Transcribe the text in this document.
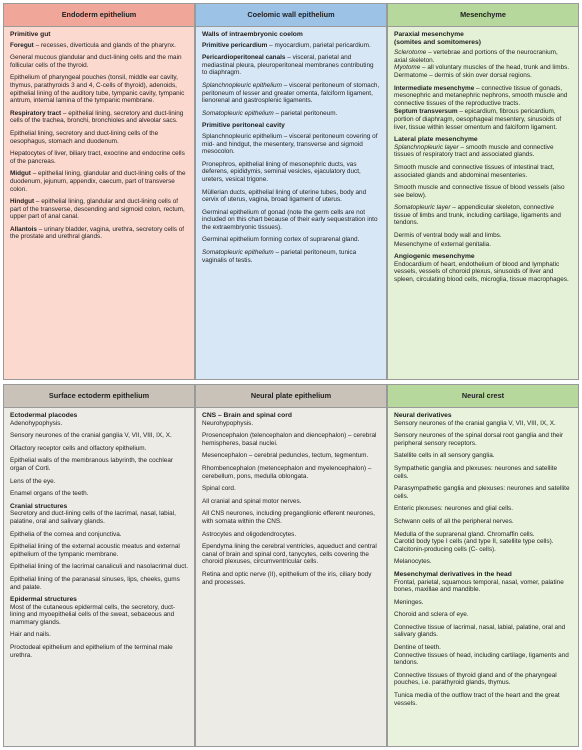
Endoderm epithelium

Primitive gut

Foregut – recesses, diverticula and glands of the pharynx.

General mucous glandular and duct-lining cells and the main follicular cells of the thyroid.

Epithelium of pharyngeal pouches (tonsil, middle ear cavity, thymus, parathyroids 3 and 4, C-cells of thyroid), adenoids, epithelial lining of the auditory tube, tympanic cavity, tympanic antrum, internal lamina of the tympanic membrane.

Respiratory tract – epithelial lining, secretory and duct-lining cells of the trachea, bronchi, bronchioles and alveolar sacs.

Epithelial lining, secretory and duct-lining cells of the oesophagus, stomach and duodenum.

Hepatocytes of liver, biliary tract, exocrine and endocrine cells of the pancreas.

Midgut – epithelial lining, glandular and duct-lining cells of the duodenum, jejunum, appendix, caecum, part of transverse colon.

Hindgut – epithelial lining, glandular and duct-lining cells of part of the transverse, descending and sigmoid colon, rectum, upper part of anal canal.

Allantois – urinary bladder, vagina, urethra, secretory cells of the prostate and urethral glands.

Coelomic wall epithelium

Walls of intraembryonic coelom

Primitive pericardium – myocardium, parietal pericardium.

Pericardioperitoneal canals – visceral, parietal and mediastinal pleura, pleuroperitoneal membranes contributing to diaphragm.

Splanchnopleuric epithelium – visceral peritoneum of stomach, peritoneum of lesser and greater omenta, falciform ligament, lienorenal and gastrosplenic ligaments.

Somatopleuric epithelium – parietal peritoneum.

Primitive peritoneal cavity

Splanchnopleuric epithelium – visceral peritoneum covering of mid- and hindgut, the mesentery, transverse and sigmoid mesocolon.

Pronephros, epithelial lining of mesonephric ducts, vas deferens, epididymis, seminal vesicles, ejaculatory duct, ureters, vesical trigone.

Müllerian ducts, epithelial lining of uterine tubes, body and cervix of uterus, vagina, broad ligament of uterus.

Germinal epithelium of gonad (note the germ cells are not included on this chart because of their early sequestration into the extraembryonic tissues).

Germinal epithelium forming cortex of suprarenal gland.

Somatopleuric epithelium – parietal peritoneum, tunica vaginalis of testis.

Mesenchyme

Paraxial mesenchyme

(somites and somitomeres)

Sclerotome – vertebrae and portions of the neurocranium, axial skeleton.

Myotome – all voluntary muscles of the head, trunk and limbs.

Dermatome – dermis of skin over dorsal regions.

Intermediate mesenchyme – connective tissue of gonads, mesonephric and metanephric nephrons, smooth muscle and connective tissues of the reproductive tracts.

Septum transversum – epicardium, fibrous pericardium, portion of diaphragm, oesophageal mesentery, sinusoids of liver, tissue within lesser omentum and falciform ligament.

Lateral plate mesenchyme

Splanchnopleuric layer – smooth muscle and connective tissues of respiratory tract and associated glands.

Smooth muscle and connective tissues of intestinal tract, associated glands and abdominal mesenteries.

Smooth muscle and connective tissue of blood vessels (also see below).

Somatopleuric layer – appendicular skeleton, connective tissue of limbs and trunk, including cartilage, ligaments and tendons.

Dermis of ventral body wall and limbs.

Mesenchyme of external genitalia.

Angiogenic mesenchyme

Endocardium of heart, endothelium of blood and lymphatic vessels, vessels of choroid plexus, sinusoids of liver and spleen, circulating blood cells, microglia, tissue macrophages.

Surface ectoderm epithelium

Ectodermal placodes

Adenohypophysis.

Sensory neurones of the cranial ganglia V, VII, VIII, IX, X.

Olfactory receptor cells and olfactory epithelium.

Epithelial walls of the membranous labyrinth, the cochlear organ of Corti.

Lens of the eye.

Enamel organs of the teeth.

Cranial structures

Secretory and duct-lining cells of the lacrimal, nasal, labial, palatine, oral and salivary glands.

Epithelia of the cornea and conjunctiva.

Epithelial lining of the external acoustic meatus and external epithelium of the tympanic membrane.

Epithelial lining of the lacrimal canaliculi and nasolacrimal duct.

Epithelial lining of the paranasal sinuses, lips, cheeks, gums and palate.

Epidermal structures

Most of the cutaneous epidermal cells, the secretory, duct-lining and myoepithelial cells of the sweat, sebaceous and mammary glands.

Hair and nails.

Proctodeal epithelium and epithelium of the terminal male urethra.

Neural plate epithelium

CNS – Brain and spinal cord

Neurohypophysis.

Prosencephalon (telencephalon and diencephalon) – cerebral hemispheres, basal nuclei.

Mesencephalon – cerebral peduncles, tectum, tegmentum.

Rhombencephalon (metencephalon and myelencephalon) – cerebellum, pons, medulla oblongata.

Spinal cord.

All cranial and spinal motor nerves.

All CNS neurones, including preganglionic efferent neurones, with somata within the CNS.

Astrocytes and oligodendrocytes.

Ependyma lining the cerebral ventricles, aqueduct and central canal of brain and spinal cord, tanycytes, cells covering the choroid plexuses, circumventricular cells.

Retina and optic nerve (II), epithelium of the iris, ciliary body and processes.

Neural crest

Neural derivatives

Sensory neurones of the cranial ganglia V, VII, VIII, IX, X.

Sensory neurones of the spinal dorsal root ganglia and their peripheral sensory receptors.

Satellite cells in all sensory ganglia.

Sympathetic ganglia and plexuses: neurones and satellite cells.

Parasympathetic ganglia and plexuses: neurones and satellite cells.

Enteric plexuses: neurones and glial cells.

Schwann cells of all the peripheral nerves.

Medulla of the suprarenal gland. Chromaffin cells.

Carotid body type I cells (and type II, satellite type cells).

Calcitonin-producing cells (C- cells).

Melanocytes.

Mesenchymal derivatives in the head

Frontal, parietal, squamous temporal, nasal, vomer, palatine bones, maxillae and mandible.

Meninges.

Choroid and sclera of eye.

Connective tissue of lacrimal, nasal, labial, palatine, oral and salivary glands.

Dentine of teeth.

Connective tissues of head, including cartilage, ligaments and tendons.

Connective tissues of thyroid gland and of the pharyngeal pouches, i.e. parathyroid glands, thymus.

Tunica media of the outflow tract of the heart and the great vessels.
